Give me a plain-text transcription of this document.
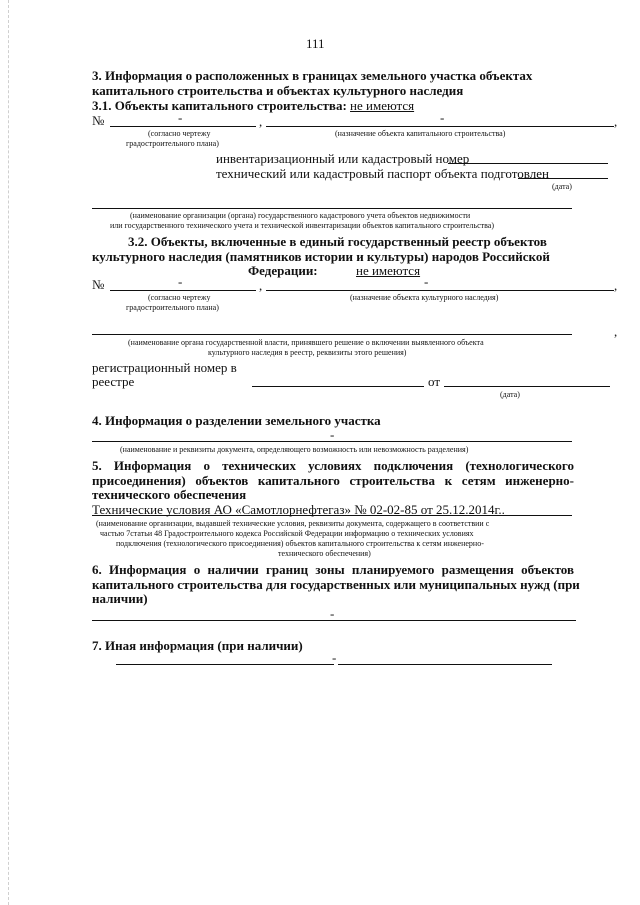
111
3. Информация о расположенных в границах земельного участка объектах
капитального строительства и объектах культурного наследия
3.1. Объекты капитального строительства: не имеются
№	-	,	-	,
(согласно чертежу
градостроительного плана)
(назначение объекта капитального строительства)
инвентаризационный или кадастровый номер
технический или кадастровый паспорт объекта подготовлен
(дата)
(наименование организации (органа) государственного кадастрового учета объектов недвижимости
или государственного технического учета и технической инвентаризации объектов капитального строительства)
3.2. Объекты, включенные в единый государственный реестр объектов
культурного наследия (памятников истории и культуры) народов Российской
Федерации:	не имеются
№	-	,	-	,
(согласно чертежу
градостроительного плана)
(назначение объекта культурного наследия)
,
(наименование органа государственной власти, принявшего решение о включении выявленного объекта
культурного наследия в реестр, реквизиты этого решения)
регистрационный номер в
реестре	от
(дата)
4. Информация о разделении земельного участка
-
(наименование и реквизиты документа, определяющего возможность или невозможность разделения)
5. Информация о технических условиях подключения (технологического
присоединения) объектов капитального строительства к сетям инженерно-
технического обеспечения
Технические условия АО «Самотлорнефтегаз» № 02-02-85 от 25.12.2014г..
(наименование организации, выдавшей технические условия, реквизиты документа, содержащего в соответствии с
частью 7статьи 48 Градостроительного кодекса Российской Федерации информацию о технических условиях
подключения (технологического присоединения) объектов капитального строительства к сетям инженерно-
технического обеспечения)
6. Информация о наличии границ зоны планируемого размещения объектов
капитального строительства для государственных или муниципальных нужд (при
наличии)
-
7. Иная информация (при наличии)
-
